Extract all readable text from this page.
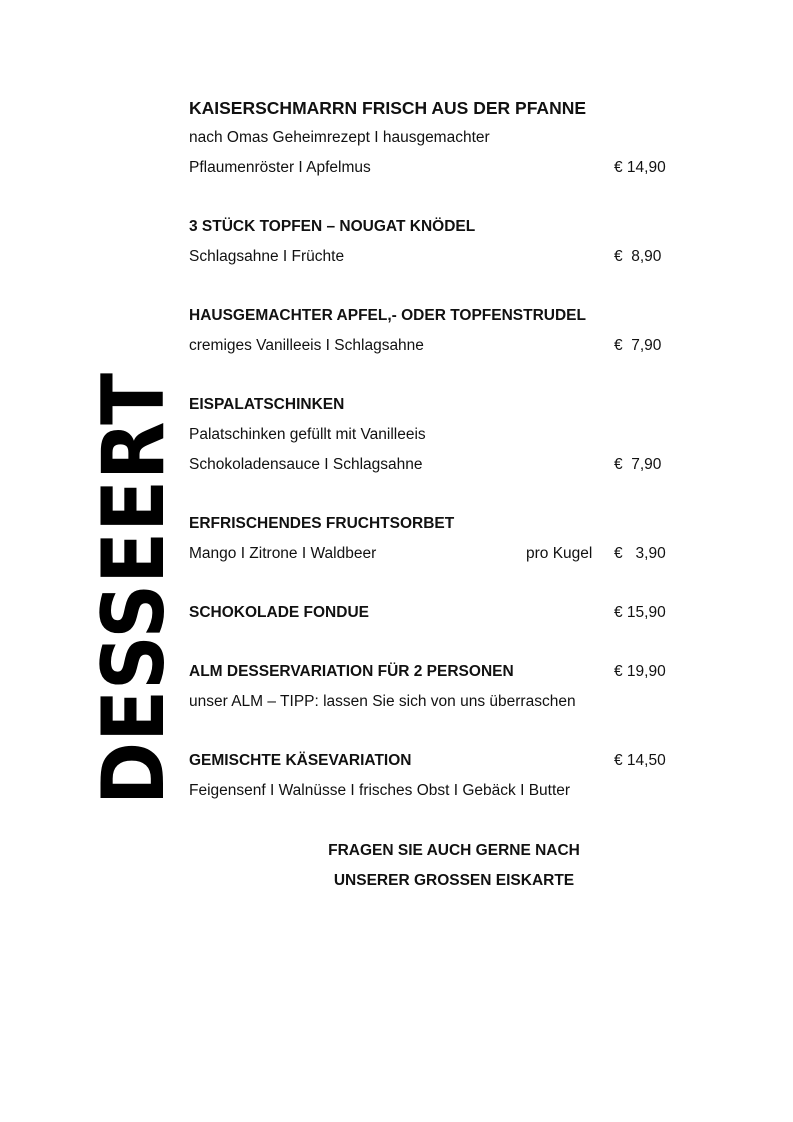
DESSEERT
KAISERSCHMARRN FRISCH AUS DER PFANNE
nach Omas Geheimrezept I hausgemachter
Pflaumenröster I Apfelmus	€ 14,90
3 STÜCK TOPFEN – NOUGAT KNÖDEL
Schlagsahne I Früchte	€  8,90
HAUSGEMACHTER APFEL,- ODER TOPFENSTRUDEL
cremiges Vanilleeis I Schlagsahne	€  7,90
EISPALATSCHINKEN
Palatschinken gefüllt mit Vanilleeis
Schokoladensauce I Schlagsahne	€  7,90
ERFRISCHENDES FRUCHTSORBET
Mango I Zitrone I Waldbeer	pro Kugel €   3,90
SCHOKOLADE FONDUE	€ 15,90
ALM DESSERVARIATION FÜR 2 PERSONEN	€ 19,90
unser ALM – TIPP: lassen Sie sich von uns überraschen
GEMISCHTE KÄSEVARIATION	€ 14,50
Feigensenf I Walnüsse I frisches Obst I Gebäck I Butter
FRAGEN SIE AUCH GERNE NACH
UNSERER GROSSEN EISKARTE
